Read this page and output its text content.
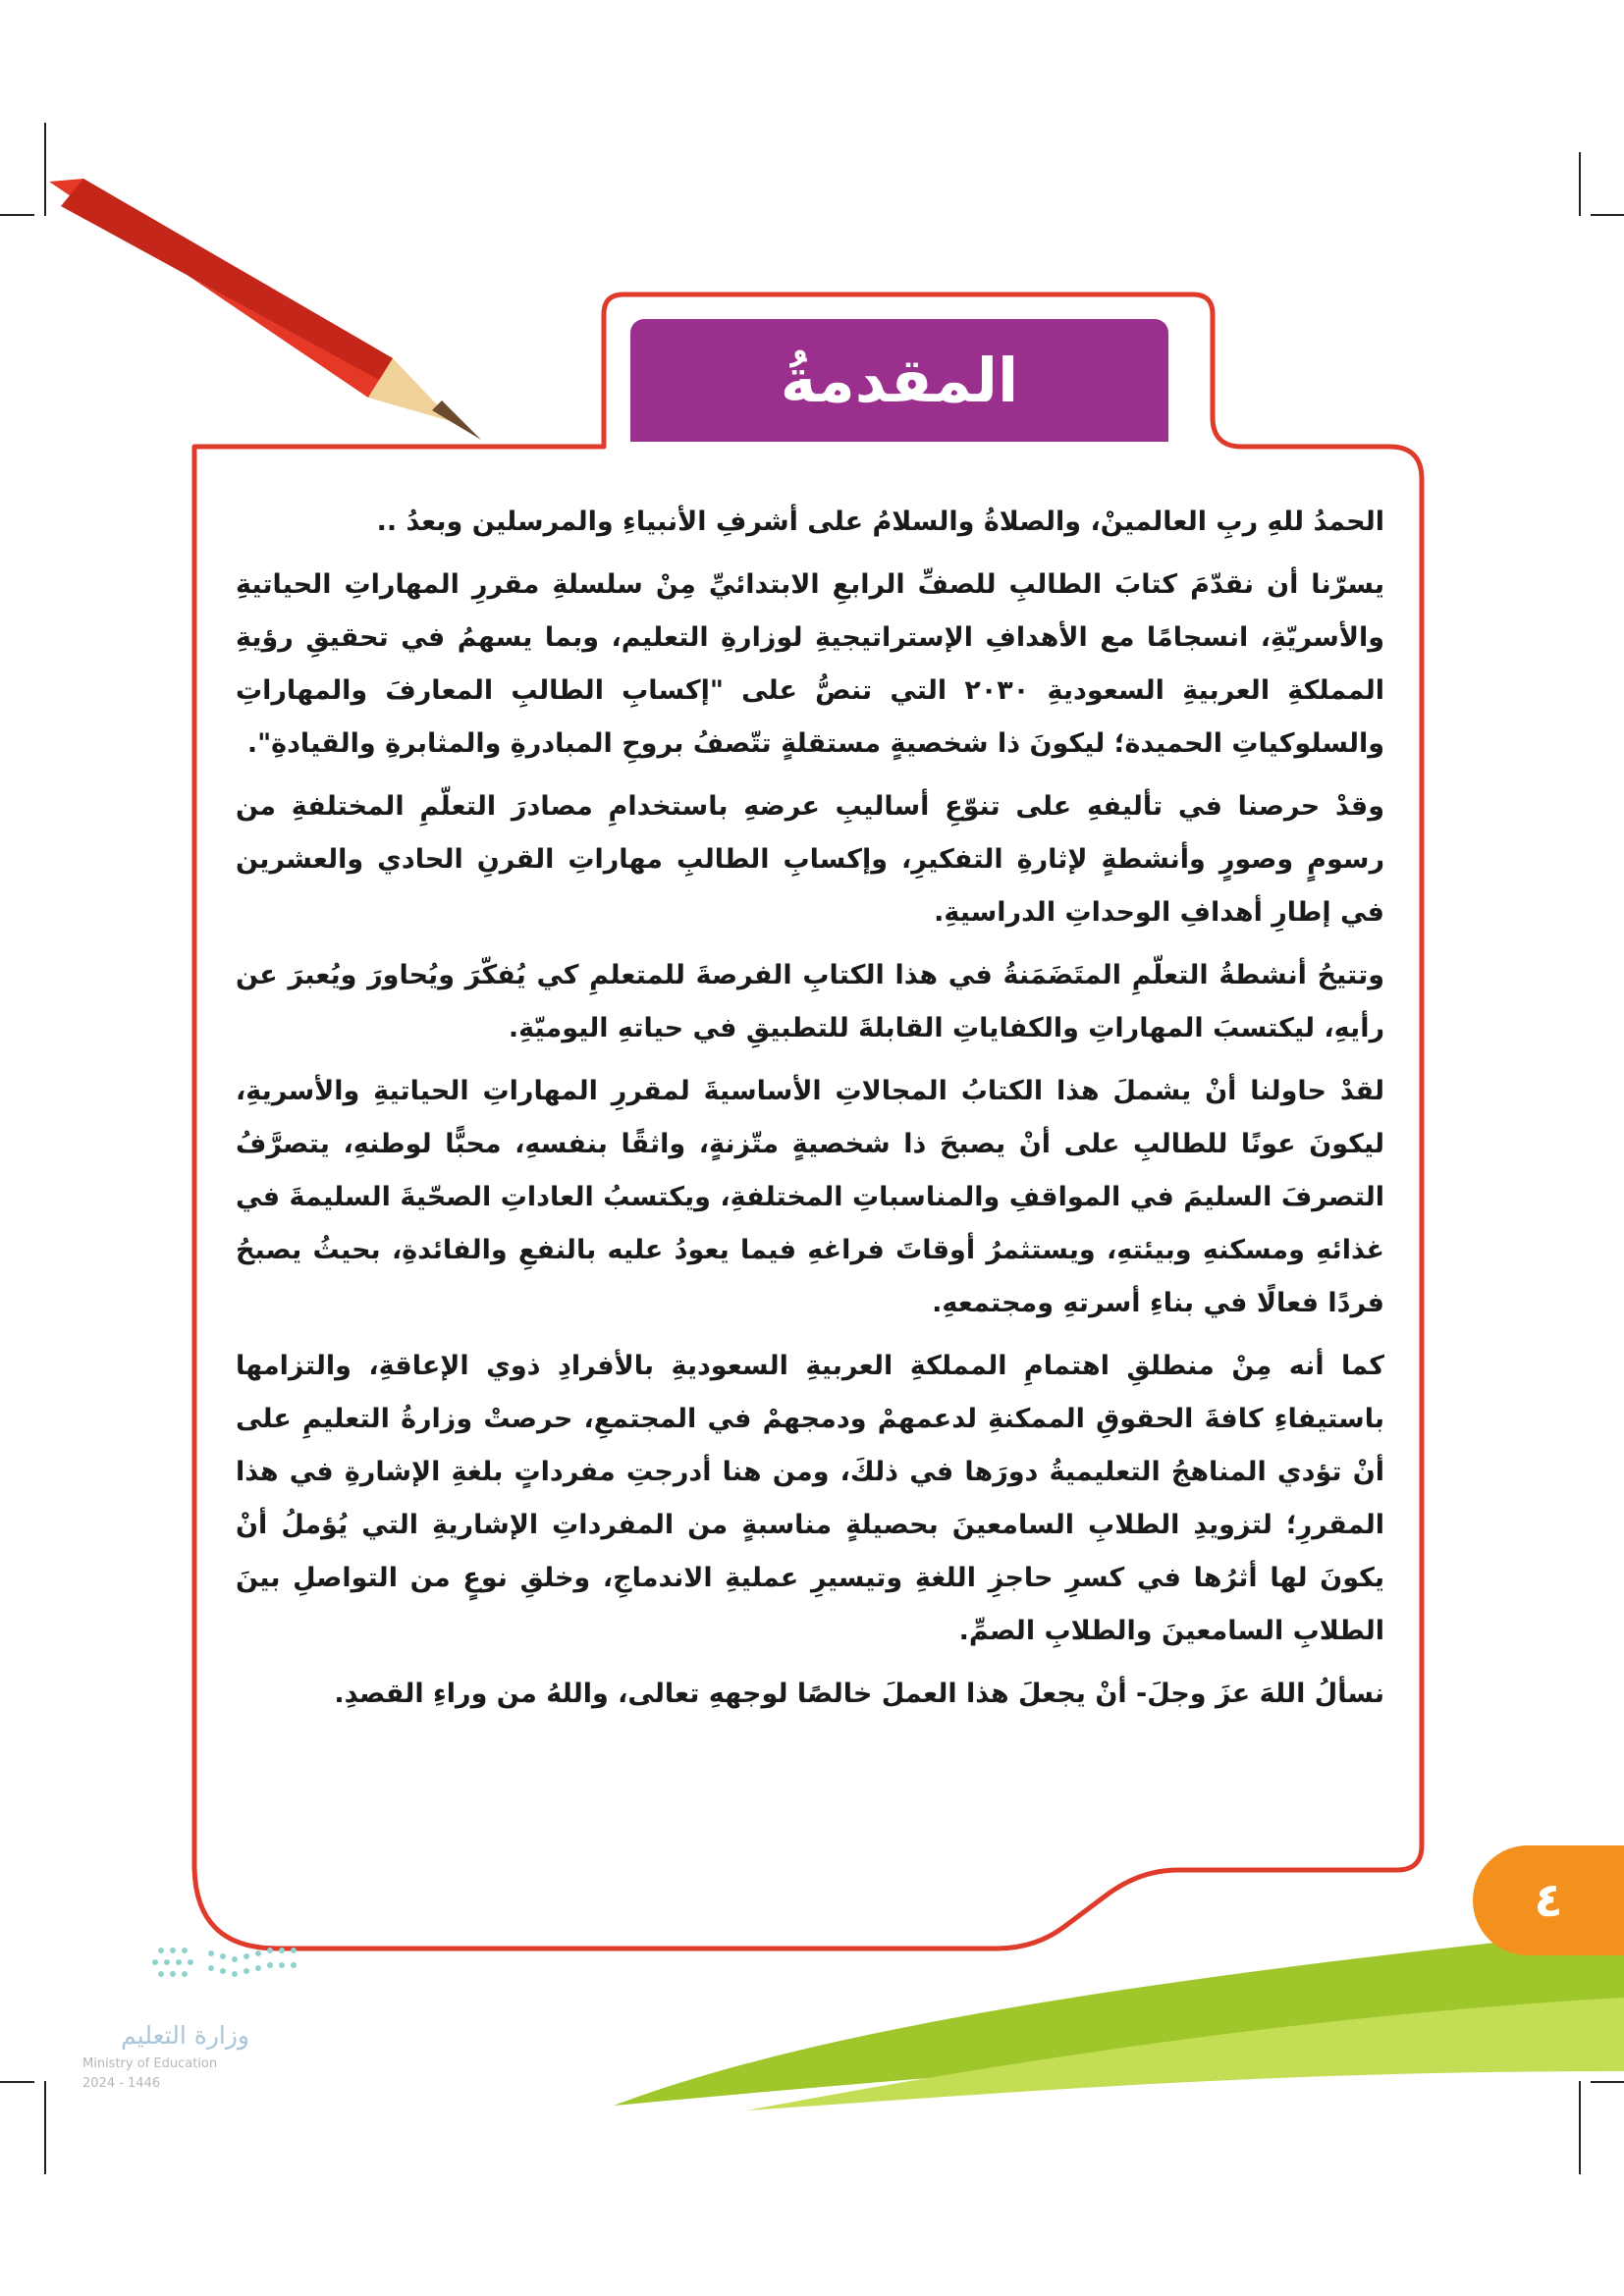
المقدمةُ

الحمدُ للهِ ربِ العالمينْ، والصلاةُ والسلامُ على أشرفِ الأنبياءِ والمرسلين وبعدُ ..

يسرّنا أن نقدّمَ كتابَ الطالبِ للصفِّ الرابعِ الابتدائيِّ مِنْ سلسلةِ مقررِ المهاراتِ الحياتيةِ والأسريّةِ، انسجامًا مع الأهدافِ الإستراتيجيةِ لوزارةِ التعليم، وبما يسهمُ في تحقيقِ رؤيةِ المملكةِ العربيةِ السعوديةِ ٢٠٣٠ التي تنصُّ على "إكسابِ الطالبِ المعارفَ والمهاراتِ والسلوكياتِ الحميدة؛ ليكونَ ذا شخصيةٍ مستقلةٍ تتّصفُ بروحِ المبادرةِ والمثابرةِ والقيادةِ".

وقدْ حرصنا في تأليفهِ على تنوّعِ أساليبِ عرضهِ باستخدامِ مصادرَ التعلّمِ المختلفةِ من رسومٍ وصورٍ وأنشطةٍ لإثارةِ التفكيرِ، وإكسابِ الطالبِ مهاراتِ القرنِ الحادي والعشرين في إطارِ أهدافِ الوحداتِ الدراسيةِ.

وتتيحُ أنشطةُ التعلّمِ المتَضَمَنةُ في هذا الكتابِ الفرصةَ للمتعلمِ كي يُفكّرَ ويُحاورَ ويُعبرَ عن رأيهِ، ليكتسبَ المهاراتِ والكفاياتِ القابلةَ للتطبيقِ في حياتهِ اليوميّةِ.

لقدْ حاولنا أنْ يشملَ هذا الكتابُ المجالاتِ الأساسيةَ لمقررِ المهاراتِ الحياتيةِ والأسريةِ، ليكونَ عونًا للطالبِ على أنْ يصبحَ ذا شخصيةٍ متّزنةٍ، واثقًا بنفسهِ، محبًّا لوطنهِ، يتصرَّفُ التصرفَ السليمَ في المواقفِ والمناسباتِ المختلفةِ، ويكتسبُ العاداتِ الصحّيةَ السليمةَ في غذائهِ ومسكنهِ وبيئتهِ، ويستثمرُ أوقاتَ فراغهِ فيما يعودُ عليه بالنفعِ والفائدةِ، بحيثُ يصبحُ فردًا فعالًا في بناءِ أسرتهِ ومجتمعهِ.

كما أنه مِنْ منطلقِ اهتمامِ المملكةِ العربيةِ السعوديةِ بالأفرادِ ذوي الإعاقةِ، والتزامها باستيفاءِ كافةَ الحقوقِ الممكنةِ لدعمهمْ ودمجهمْ في المجتمعِ، حرصتْ وزارةُ التعليمِ على أنْ تؤدي المناهجُ التعليميةُ دورَها في ذلكَ، ومن هنا أدرجتِ مفرداتٍ بلغةِ الإشارةِ في هذا المقررِ؛ لتزويدِ الطلابِ السامعينَ بحصيلةٍ مناسبةٍ من المفرداتِ الإشاريةِ التي يُؤملُ أنْ يكونَ لها أثرُها في كسرِ حاجزِ اللغةِ وتيسيرِ عمليةِ الاندماجِ، وخلقِ نوعٍ من التواصلِ بينَ الطلابِ السامعينَ والطلابِ الصمِّ.

نسألُ اللهَ عزَ وجلَ- أنْ يجعلَ هذا العملَ خالصًا لوجههِ تعالى، واللهُ من وراءِ القصدِ.

٤
وزارة التعليم
Ministry of Education
2024 - 1446
